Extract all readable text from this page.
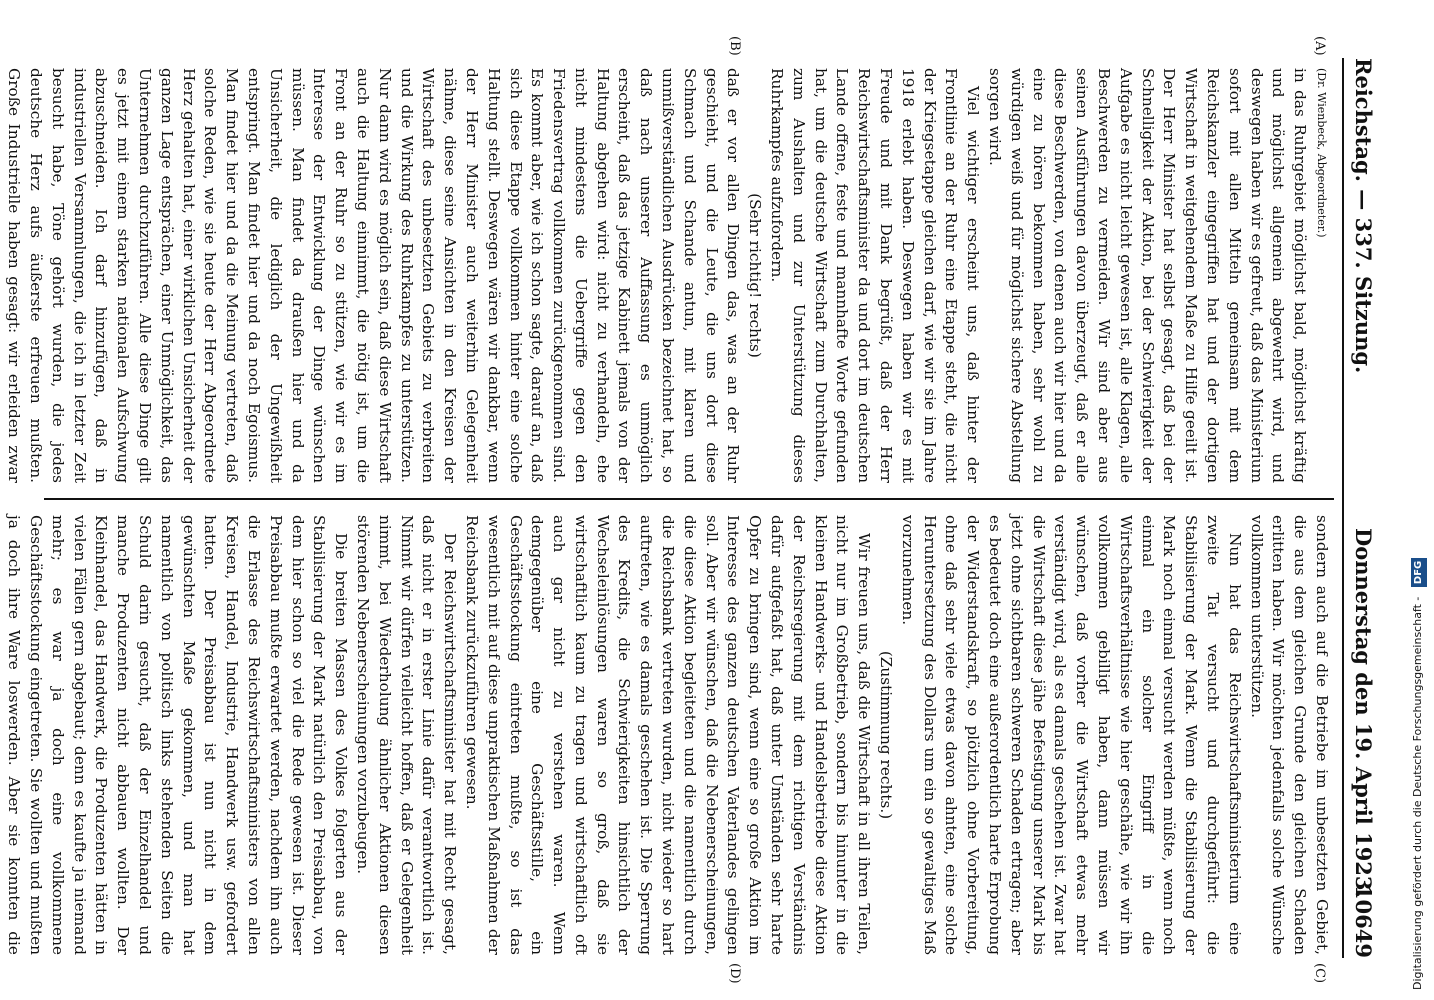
Reichstag. — 337. Sitzung.
Donnerstag den 19. April 1923.
10649
(A)
(B)
(C)
(D)

(Dr. Wienbeck, Abgeordneter.)

in das Ruhrgebiet möglichst bald, möglichst kräftig und möglichst allgemein abgewehrt wird, und deswegen haben wir es gefreut, daß das Ministerium sofort mit allen Mitteln gemeinsam mit dem Reichskanzler eingegriffen hat und der dortigen Wirtschaft in weitgehendem Maße zu Hilfe geeilt ist. Der Herr Minister hat selbst gesagt, daß bei der Schnelligkeit der Aktion, bei der Schwierigkeit der Aufgabe es nicht leicht gewesen ist, alle Klagen, alle Beschwerden zu vermeiden. Wir sind aber aus seinen Ausführungen davon überzeugt, daß er alle diese Beschwerden, von denen auch wir hier und da eine zu hören bekommen haben, sehr wohl zu würdigen weiß und für möglichst sichere Abstellung sorgen wird.

Viel wichtiger erscheint uns, daß hinter der Frontlinie an der Ruhr eine Etappe steht, die nicht der Kriegsetappe gleichen darf, wie wir sie im Jahre 1918 erlebt haben. Deswegen haben wir es mit Freude und mit Dank begrüßt, daß der Herr Reichswirtschaftsminister da und dort im deutschen Lande offene, feste und mannhafte Worte gefunden hat, um die deutsche Wirtschaft zum Durchhalten, zum Aushalten und zur Unterstützung dieses Ruhrkampfes aufzufordern.

(Sehr richtig! rechts)

daß er vor allen Dingen das, was an der Ruhr geschieht, und die Leute, die uns dort diese Schmach und Schande antun, mit klaren und unmißverständlichen Ausdrücken bezeichnet hat, so daß nach unserer Auffassung es unmöglich erscheint, daß das jetzige Kabinett jemals von der Haltung abgehen wird: nicht zu verhandeln, ehe nicht mindestens die Uebergriffe gegen den Friedensvertrag vollkommen zurückgenommen sind. Es kommt aber, wie ich schon sagte, darauf an, daß sich diese Etappe vollkommen hinter eine solche Haltung stellt. Deswegen wären wir dankbar, wenn der Herr Minister auch weiterhin Gelegenheit nähme, diese seine Ansichten in den Kreisen der Wirtschaft des unbesetzten Gebiets zu verbreiten und die Wirkung des Ruhrkampfes zu unterstützen. Nur dann wird es möglich sein, daß diese Wirtschaft auch die Haltung einnimmt, die nötig ist, um die Front an der Ruhr so zu stützen, wie wir es im Interesse der Entwicklung der Dinge wünschen müssen. Man findet da draußen hier und da Unsicherheit, die lediglich der Ungewißheit entspringt. Man findet hier und da noch Egoismus. Man findet hier und da die Meinung vertreten, daß solche Reden, wie sie heute der Herr Abgeordnete Herz gehalten hat, einer wirklichen Unsicherheit der ganzen Lage entsprächen, einer Unmöglichkeit, das Unternehmen durchzuführen. Alle diese Dinge gilt es jetzt mit einem starken nationalen Aufschwung abzuschneiden. Ich darf hinzufügen, daß in industriellen Versammlungen, die ich in letzter Zeit besucht habe, Töne gehört wurden, die jedes deutsche Herz aufs äußerste erfreuen mußten. Große Industrielle haben gesagt: wir erleiden zwar

sondern auch auf die Betriebe im unbesetzten Gebiet, die aus dem gleichen Grunde den gleichen Schaden erlitten haben. Wir möchten jedenfalls solche Wünsche vollkommen unterstützen.

Nun hat das Reichswirtschaftsministerium eine zweite Tat versucht und durchgeführt: die Stabilisierung der Mark. Wenn die Stabilisierung der Mark noch einmal versucht werden müßte, wenn noch einmal ein solcher Eingriff in die Wirtschaftsverhältnisse wie hier geschähe, wie wir ihn vollkommen gebilligt haben, dann müssen wir wünschen, daß vorher die Wirtschaft etwas mehr verständigt wird, als es damals geschehen ist. Zwar hat die Wirtschaft diese jähe Befestigung unserer Mark bis jetzt ohne sichtbaren schweren Schaden ertragen; aber es bedeutet doch eine außerordentlich harte Erprobung der Widerstandskraft, so plötzlich ohne Vorbereitung, ohne daß sehr viele etwas davon ahnten, eine solche Heruntersetzung des Dollars um ein so gewaltiges Maß vorzunehmen.

(Zustimmung rechts.)

Wir freuen uns, daß die Wirtschaft in all ihren Teilen, nicht nur im Großbetrieb, sondern bis hinunter in die kleinen Handwerks- und Handelsbetriebe diese Aktion der Reichsregierung mit dem richtigen Verständnis dafür aufgefaßt hat, daß unter Umständen sehr harte Opfer zu bringen sind, wenn eine so große Aktion im Interesse des ganzen deutschen Vaterlandes gelingen soll. Aber wir wünschen, daß die Nebenerscheinungen, die diese Aktion begleiteten und die namentlich durch die Reichsbank vertreten wurden, nicht wieder so hart auftreten, wie es damals geschehen ist. Die Sperrung des Kredits, die Schwierigkeiten hinsichtlich der Wechseleinlösungen waren so groß, daß sie wirtschaftlich kaum zu tragen und wirtschaftlich oft auch gar nicht zu verstehen waren. Wenn demgegenüber eine Geschäftsstille, ein Geschäftsstockung eintreten mußte, so ist das wesentlich mit auf diese unpraktischen Maßnahmen der Reichsbank zurückzuführen gewesen.

Der Reichswirtschaftsminister hat mit Recht gesagt, daß nicht er in erster Linie dafür verantwortlich ist. Nimmt wir dürfen vielleicht hoffen, daß er Gelegenheit nimmt, bei Wiederholung ähnlicher Aktionen diesen störenden Nebenerscheinungen vorzubeugen.

Die breiten Massen des Volkes folgerten aus der Stabilisierung der Mark natürlich den Preisabbau, von dem hier schon so viel die Rede gewesen ist. Dieser Preisabbau mußte erwartet werden, nachdem ihn auch die Erlasse des Reichswirtschaftsministers von allen Kreisen, Handel, Industrie, Handwerk usw. gefordert hatten. Der Preisabbau ist nun nicht in dem gewünschten Maße gekommen, und man hat namentlich von politisch links stehenden Seiten die Schuld darin gesucht, daß der Einzelhandel und manche Produzenten nicht abbauen wollten. Der Kleinhandel, das Handwerk, die Produzenten hätten in vielen Fällen gern abgebaut; denn es kaufte ja niemand mehr; es war ja doch eine vollkommene Geschäftsstockung eingetreten. Sie wollten und mußten ja doch ihre Ware loswerden. Aber sie konnten die	Digitalisierung gefördert durch die Deutsche Forschungsgemeinschaft - DFG
